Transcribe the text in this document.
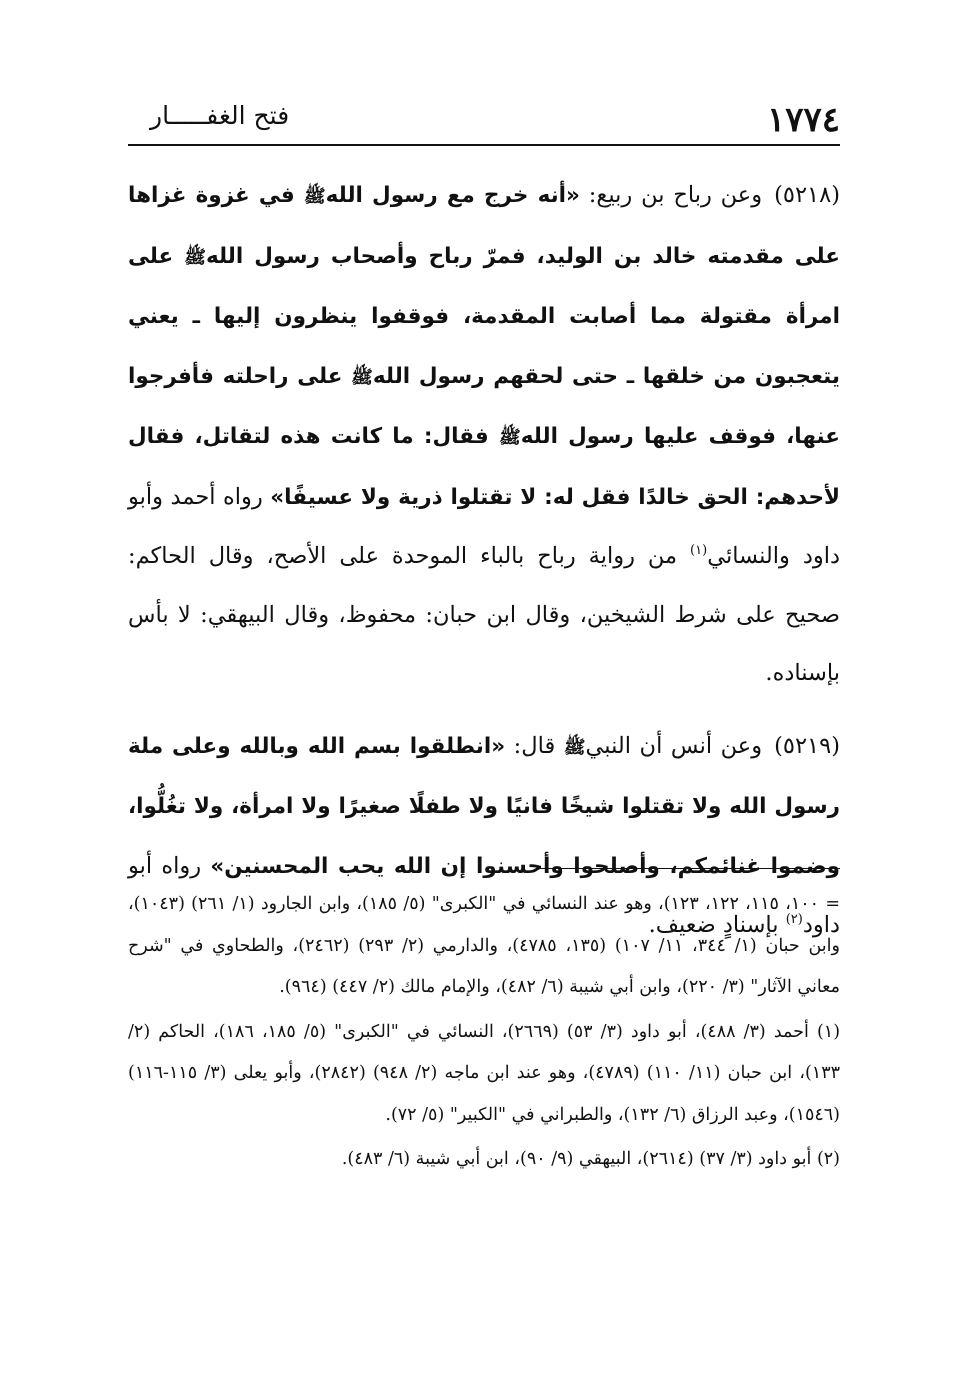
١٧٧٤
فتح الغفـــــار

(٥٢١٨)وعن رباح بن ربيع: «أنه خرج مع رسول اللهﷺ في غزوة غزاها على مقدمته خالد بن الوليد، فمرّ رباح وأصحاب رسول اللهﷺ على امرأة مقتولة مما أصابت المقدمة، فوقفوا ينظرون إليها ـ يعني يتعجبون من خلقها ـ حتى لحقهم رسول اللهﷺ على راحلته فأفرجوا عنها، فوقف عليها رسول اللهﷺ فقال: ما كانت هذه لتقاتل، فقال لأحدهم: الحق خالدًا فقل له: لا تقتلوا ذرية ولا عسيفًا» رواه أحمد وأبو داود والنسائي$^{(١)}$ من رواية رباح بالباء الموحدة على الأصح، وقال الحاكم: صحيح على شرط الشيخين، وقال ابن حبان: محفوظ، وقال البيهقي: لا بأس بإسناده.

(٥٢١٩)وعن أنس أن النبيﷺ قال: «انطلقوا بسم الله وبالله وعلى ملة رسول الله ولا تقتلوا شيخًا فانيًا ولا طفلًا صغيرًا ولا امرأة، ولا تغُلُّوا، وضموا غنائمكم، وأصلحوا وأحسنوا إن الله يحب المحسنين» رواه أبو داود$^{(٢)}$ بإسنادٍ ضعيف.

= ١٠٠، ١١٥، ١٢٢، ١٢٣)، وهو عند النسائي في "الكبرى" (٥/ ١٨٥)، وابن الجارود (١/ ٢٦١) (١٠٤٣)، وابن حبان (١/ ٣٤٤، ١١/ ١٠٧) (١٣٥، ٤٧٨٥)، والدارمي (٢/ ٢٩٣) (٢٤٦٢)، والطحاوي في "شرح معاني الآثار" (٣/ ٢٢٠)، وابن أبي شيبة (٦/ ٤٨٢)، والإمام مالك (٢/ ٤٤٧) (٩٦٤).

(١) أحمد (٣/ ٤٨٨)، أبو داود (٣/ ٥٣) (٢٦٦٩)، النسائي في "الكبرى" (٥/ ١٨٥، ١٨٦)، الحاكم (٢/ ١٣٣)، ابن حبان (١١/ ١١٠) (٤٧٨٩)، وهو عند ابن ماجه (٢/ ٩٤٨) (٢٨٤٢)، وأبو يعلى (٣/ ١١٥-١١٦) (١٥٤٦)، وعبد الرزاق (٦/ ١٣٢)، والطبراني في "الكبير" (٥/ ٧٢).

(٢) أبو داود (٣/ ٣٧) (٢٦١٤)، البيهقي (٩/ ٩٠)، ابن أبي شيبة (٦/ ٤٨٣).
